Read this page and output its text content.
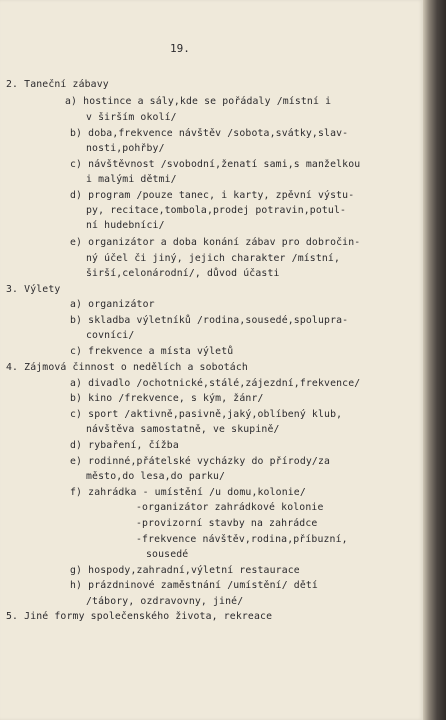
19.
2. Taneční zábavy
a) hostince a sály,kde se pořádaly /místní i
v širším okolí/
b) doba,frekvence návštěv /sobota,svátky,slav-
nosti,pohřby/
c) návštěvnost /svobodní,ženatí sami,s manželkou
i malými dětmi/
d) program /pouze tanec, i karty, zpěvní výstu-
py, recitace,tombola,prodej potravin,potul-
ní hudebníci/
e) organizátor a doba konání zábav pro dobročin-
ný účel či jiný, jejich charakter /místní,
širší,celonárodní/, důvod účasti
3. Výlety
a) organizátor
b) skladba výletníků /rodina,sousedé,spolupra-
covníci/
c) frekvence a místa výletů
4. Zájmová činnost o nedělích a sobotách
a) divadlo /ochotnické,stálé,zájezdní,frekvence/
b) kino /frekvence, s kým, žánr/
c) sport /aktivně,pasivně,jaký,oblíbený klub,
návštěva samostatně, ve skupině/
d) rybaření, čížba
e) rodinné,přátelské vycházky do přírody/za
město,do lesa,do parku/
f) zahrádka - umístění /u domu,kolonie/
-organizátor zahrádkové kolonie
-provizorní stavby na zahrádce
-frekvence návštěv,rodina,příbuzní,
sousedé
g) hospody,zahradní,výletní restaurace
h) prázdninové zaměstnání /umístění/ dětí
/tábory, ozdravovny, jiné/
5. Jiné formy společenského života, rekreace
